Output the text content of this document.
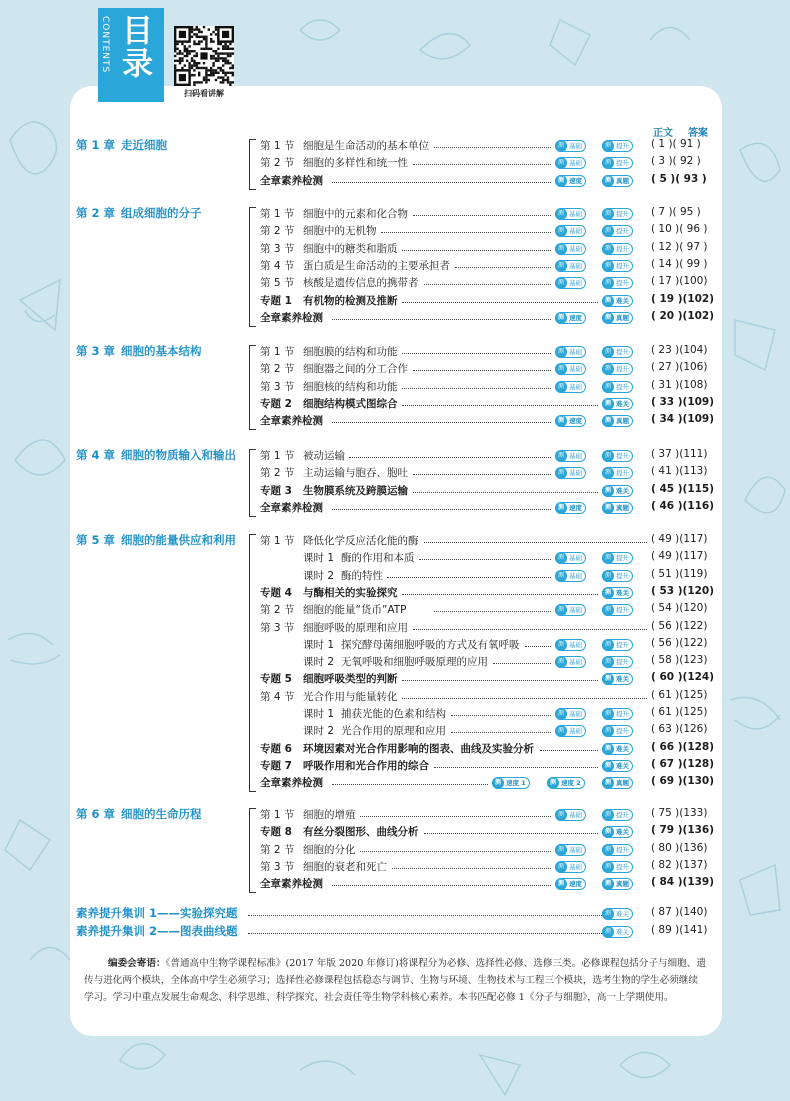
目录
CONTENTS
扫码看讲解
正文 答案
第 1 章 走近细胞	第 1 节 细胞是生命活动的基本单位	测 基础	测 提升	( 1 )( 91 )
第 2 节 细胞的多样性和统一性	测 基础	测 提升	( 3 )( 92 )
全章素养检测	测 速度	测 真题	( 5 )( 93 )
第 2 章 组成细胞的分子	第 1 节 细胞中的元素和化合物	测 基础	测 提升	( 7 )( 95 )
第 2 节 细胞中的无机物	测 基础	测 提升	( 10 )( 96 )
第 3 节 细胞中的糖类和脂质	测 基础	测 提升	( 12 )( 97 )
第 4 节 蛋白质是生命活动的主要承担者	测 基础	测 提升	( 14 )( 99 )
第 5 节 核酸是遗传信息的携带者	测 基础	测 提升	( 17 )(100)
专题 1 有机物的检测及推断	测 难关	( 19 )(102)
全章素养检测	测 速度	测 真题	( 20 )(102)
第 3 章 细胞的基本结构	第 1 节 细胞膜的结构和功能	测 基础	测 提升	( 23 )(104)
第 2 节 细胞器之间的分工合作	测 基础	测 提升	( 27 )(106)
第 3 节 细胞核的结构和功能	测 基础	测 提升	( 31 )(108)
专题 2 细胞结构模式图综合	测 难关	( 33 )(109)
全章素养检测	测 速度	测 真题	( 34 )(109)
第 4 章 细胞的物质输入和输出 第 1 节 被动运输	测 基础	测 提升	( 37 )(111)
第 2 节 主动运输与胞吞、胞吐	测 基础	测 提升	( 41 )(113)
专题 3 生物膜系统及跨膜运输	测 难关	( 45 )(115)
全章素养检测	测 速度	测 真题	( 46 )(116)
第 5 章 细胞的能量供应和利用 第 1 节 降低化学反应活化能的酶	( 49 )(117)
课时 1 酶的作用和本质	测 基础	测 提升	( 49 )(117)
课时 2 酶的特性	测 基础	测 提升	( 51 )(119)
专题 4 与酶相关的实验探究	测 难关	( 53 )(120)
第 2 节 细胞的能量“货币”ATP	测 基础	测 提升	( 54 )(120)
第 3 节 细胞呼吸的原理和应用	( 56 )(122)
课时 1 探究酵母菌细胞呼吸的方式及有氧呼吸	测 基础	测 提升	( 56 )(122)
课时 2 无氧呼吸和细胞呼吸原理的应用	测 基础	测 提升	( 58 )(123)
专题 5 细胞呼吸类型的判断	测 难关	( 60 )(124)
第 4 节 光合作用与能量转化	( 61 )(125)
课时 1 捕获光能的色素和结构	测 基础	测 提升	( 61 )(125)
课时 2 光合作用的原理和应用	测 基础	测 提升	( 63 )(126)
专题 6 环境因素对光合作用影响的图表、曲线及实验分析	测 难关	( 66 )(128)
专题 7 呼吸作用和光合作用的综合	测 难关	( 67 )(128)
全章素养检测	测 速度 1	测 速度 2	测 真题	( 69 )(130)
第 6 章 细胞的生命历程	第 1 节 细胞的增殖	测 基础	测 提升	( 75 )(133)
专题 8 有丝分裂图形、曲线分析	测 难关	( 79 )(136)
第 2 节 细胞的分化	测 基础	测 提升	( 80 )(136)
第 3 节 细胞的衰老和死亡	测 基础	测 提升	( 82 )(137)
全章素养检测	测 速度	测 真题	( 84 )(139)
素养提升集训 1——实验探究题	测 难关	( 87 )(140)
素养提升集训 2——图表曲线题	测 难关	( 89 )(141)
编委会寄语：《普通高中生物学课程标准》(2017 年版 2020 年修订)将课程分为必修、选择性必修、选修三类。必修课程包括分子与细胞、遗传与进化两个模块，全体高中学生必须学习；选择性必修课程包括稳态与调节、生物与环境、生物技术与工程三个模块，选考生物的学生必须继续学习。学习中重点发展生命观念、科学思维、科学探究、社会责任等生物学科核心素养。本书匹配必修 1《分子与细胞》，高一上学期使用。
